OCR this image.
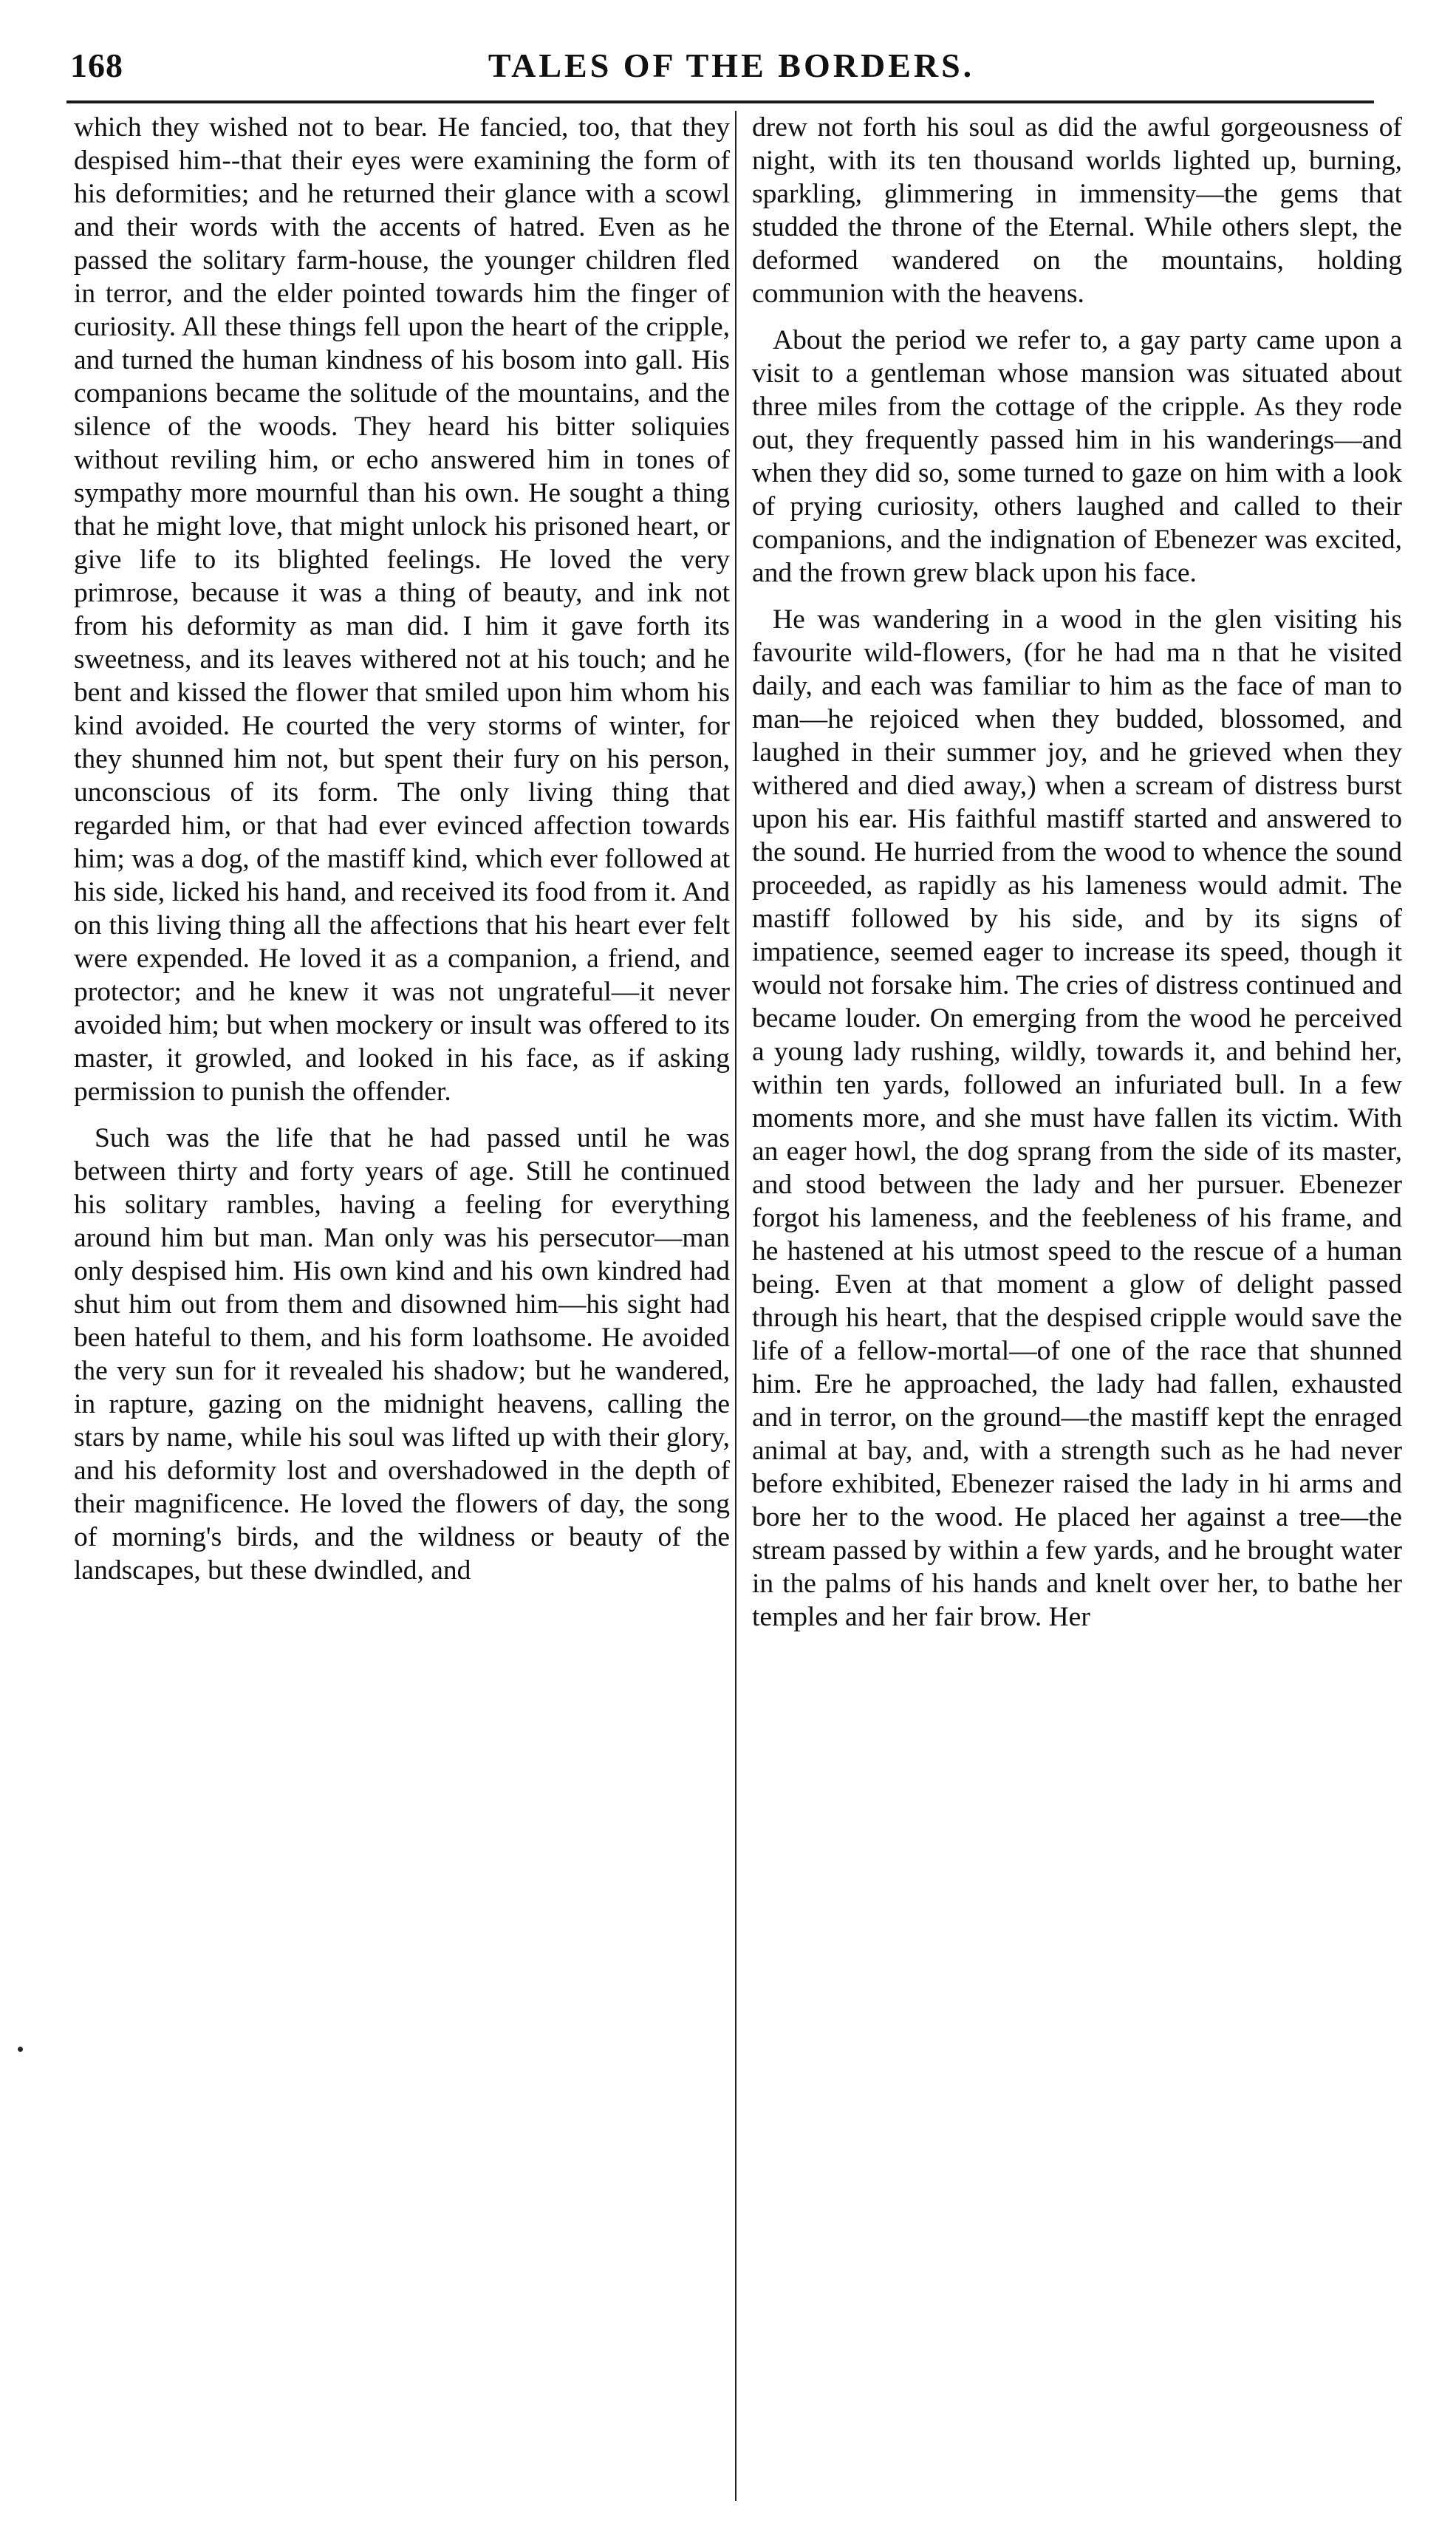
168	TALES OF THE BORDERS.

which they wished not to bear. He fancied, too, that they despised him--that their eyes were examining the form of his deformities; and he returned their glance with a scowl and their words with the accents of hatred. Even as he passed the solitary farm-house, the younger children fled in terror, and the elder pointed towards him the finger of curiosity. All these things fell upon the heart of the cripple, and turned the human kindness of his bosom into gall. His companions became the solitude of the mountains, and the silence of the woods. They heard his bitter soliquies without reviling him, or echo answered him in tones of sympathy more mournful than his own. He sought a thing that he might love, that might unlock his prisoned heart, or give life to its blighted feelings. He loved the very primrose, because it was a thing of beauty, and ink not from his deformity as man did. I him it gave forth its sweetness, and its leaves withered not at his touch; and he bent and kissed the flower that smiled upon him whom his kind avoided. He courted the very storms of winter, for they shunned him not, but spent their fury on his person, unconscious of its form. The only living thing that regarded him, or that had ever evinced affection towards him; was a dog, of the mastiff kind, which ever followed at his side, licked his hand, and received its food from it. And on this living thing all the affections that his heart ever felt were expended. He loved it as a companion, a friend, and protector; and he knew it was not ungrateful—it never avoided him; but when mockery or insult was offered to its master, it growled, and looked in his face, as if asking permission to punish the offender.

Such was the life that he had passed until he was between thirty and forty years of age. Still he continued his solitary rambles, having a feeling for everything around him but man. Man only was his persecutor—man only despised him. His own kind and his own kindred had shut him out from them and disowned him—his sight had been hateful to them, and his form loathsome. He avoided the very sun for it revealed his shadow; but he wandered, in rapture, gazing on the midnight heavens, calling the stars by name, while his soul was lifted up with their glory, and his deformity lost and overshadowed in the depth of their magnificence. He loved the flowers of day, the song of morning's birds, and the wildness or beauty of the landscapes, but these dwindled, and

drew not forth his soul as did the awful gorgeousness of night, with its ten thousand worlds lighted up, burning, sparkling, glimmering in immensity—the gems that studded the throne of the Eternal. While others slept, the deformed wandered on the mountains, holding communion with the heavens.

About the period we refer to, a gay party came upon a visit to a gentleman whose mansion was situated about three miles from the cottage of the cripple. As they rode out, they frequently passed him in his wanderings—and when they did so, some turned to gaze on him with a look of prying curiosity, others laughed and called to their companions, and the indignation of Ebenezer was excited, and the frown grew black upon his face.

He was wandering in a wood in the glen visiting his favourite wild-flowers, (for he had ma n that he visited daily, and each was familiar to him as the face of man to man—he rejoiced when they budded, blossomed, and laughed in their summer joy, and he grieved when they withered and died away,) when a scream of distress burst upon his ear. His faithful mastiff started and answered to the sound. He hurried from the wood to whence the sound proceeded, as rapidly as his lameness would admit. The mastiff followed by his side, and by its signs of impatience, seemed eager to increase its speed, though it would not forsake him. The cries of distress continued and became louder. On emerging from the wood he perceived a young lady rushing, wildly, towards it, and behind her, within ten yards, followed an infuriated bull. In a few moments more, and she must have fallen its victim. With an eager howl, the dog sprang from the side of its master, and stood between the lady and her pursuer. Ebenezer forgot his lameness, and the feebleness of his frame, and he hastened at his utmost speed to the rescue of a human being. Even at that moment a glow of delight passed through his heart, that the despised cripple would save the life of a fellow-mortal—of one of the race that shunned him. Ere he approached, the lady had fallen, exhausted and in terror, on the ground—the mastiff kept the enraged animal at bay, and, with a strength such as he had never before exhibited, Ebenezer raised the lady in hi arms and bore her to the wood. He placed her against a tree—the stream passed by within a few yards, and he brought water in the palms of his hands and knelt over her, to bathe her temples and her fair brow. Her
